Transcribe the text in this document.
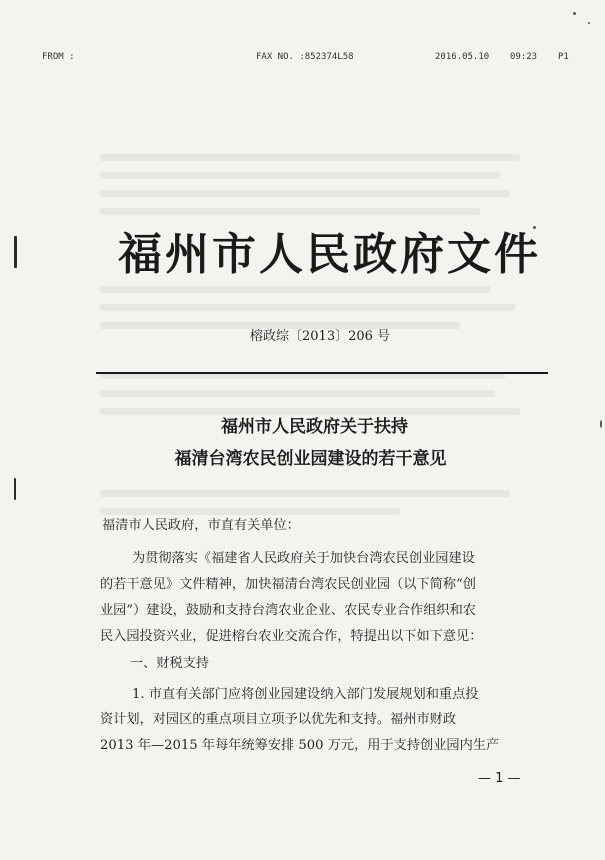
FROM :	FAX NO. :852374L58	2016.05.10 09:23 P1
福州市人民政府文件
榕政综〔2013〕206 号
福州市人民政府关于扶持
福清台湾农民创业园建设的若干意见
福清市人民政府，市直有关单位：
为贯彻落实《福建省人民政府关于加快台湾农民创业园建设
的若干意见》文件精神，加快福清台湾农民创业园（以下简称“创
业园”）建设，鼓励和支持台湾农业企业、农民专业合作组织和农
民入园投资兴业，促进榕台农业交流合作，特提出以下如下意见：
一、财税支持
1. 市直有关部门应将创业园建设纳入部门发展规划和重点投
资计划，对园区的重点项目立项予以优先和支持。福州市财政
2013 年—2015 年每年统筹安排 500 万元，用于支持创业园内生产
— 1 —
